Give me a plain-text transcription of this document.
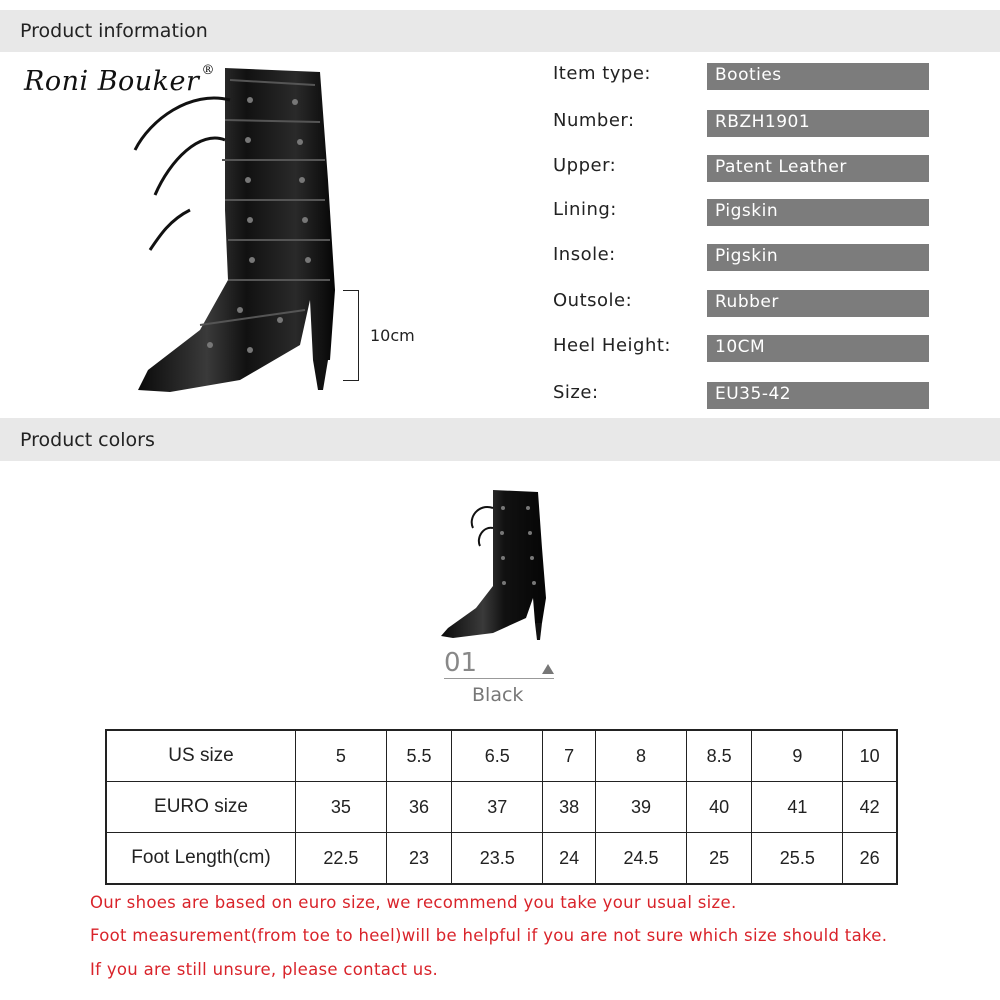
Product information
Roni Bouker ®
10cm
Item type:	Booties
Number:	RBZH1901
Upper:	Patent Leather
Lining:	Pigskin
Insole:	Pigskin
Outsole:	Rubber
Heel Height:	10CM
Size:	EU35-42
Product colors
01
Black
US size	5	5.5	6.5	7	8	8.5	9	10
EURO size	35	36	37	38	39	40	41	42
Foot Length(cm)	22.5	23	23.5	24	24.5	25	25.5	26
Our shoes are based on euro size, we recommend you take your usual size.
Foot measurement(from toe to heel)will be helpful if you are not sure which size should take.
If you are still unsure, please contact us.
